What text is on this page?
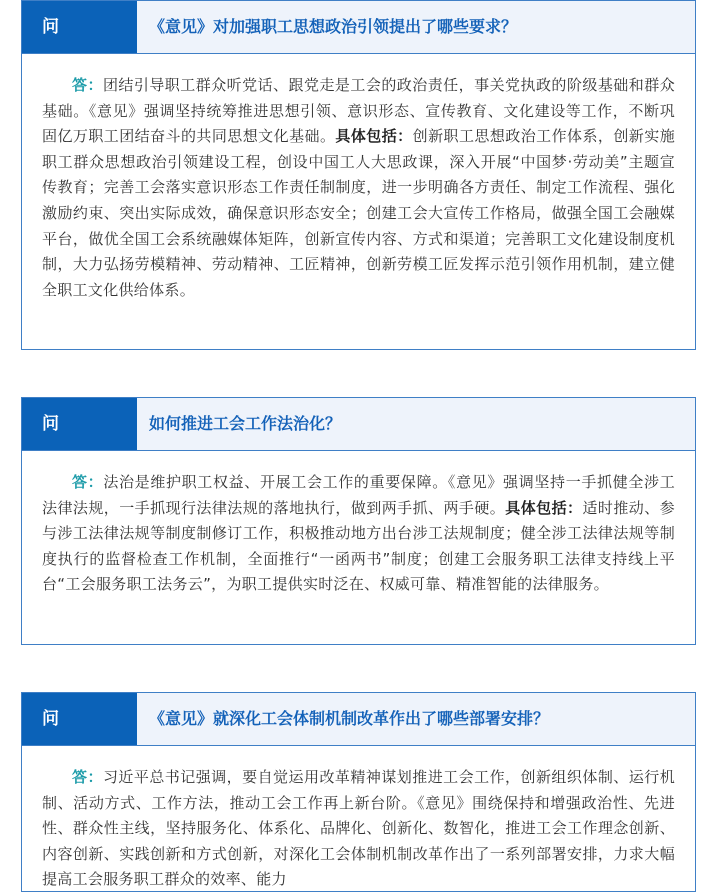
问	《意见》对加强职工思想政治引领提出了哪些要求？
答：团结引导职工群众听党话、跟党走是工会的政治责任，事关党执政的阶级基础和群众基础。《意见》强调坚持统筹推进思想引领、意识形态、宣传教育、文化建设等工作，不断巩固亿万职工团结奋斗的共同思想文化基础。具体包括：创新职工思想政治工作体系，创新实施职工群众思想政治引领建设工程，创设中国工人大思政课，深入开展“中国梦·劳动美”主题宣传教育；完善工会落实意识形态工作责任制制度，进一步明确各方责任、制定工作流程、强化激励约束、突出实际成效，确保意识形态安全；创建工会大宣传工作格局，做强全国工会融媒平台，做优全国工会系统融媒体矩阵，创新宣传内容、方式和渠道；完善职工文化建设制度机制，大力弘扬劳模精神、劳动精神、工匠精神，创新劳模工匠发挥示范引领作用机制，建立健全职工文化供给体系。
问	如何推进工会工作法治化？
答：法治是维护职工权益、开展工会工作的重要保障。《意见》强调坚持一手抓健全涉工法律法规，一手抓现行法律法规的落地执行，做到两手抓、两手硬。具体包括：适时推动、参与涉工法律法规等制度制修订工作，积极推动地方出台涉工法规制度；健全涉工法律法规等制度执行的监督检查工作机制，全面推行“一函两书”制度；创建工会服务职工法律支持线上平台“工会服务职工法务云”，为职工提供实时泛在、权威可靠、精准智能的法律服务。
问	《意见》就深化工会体制机制改革作出了哪些部署安排？
答：习近平总书记强调，要自觉运用改革精神谋划推进工会工作，创新组织体制、运行机制、活动方式、工作方法，推动工会工作再上新台阶。《意见》围绕保持和增强政治性、先进性、群众性主线，坚持服务化、体系化、品牌化、创新化、数智化，推进工会工作理念创新、内容创新、实践创新和方式创新，对深化工会体制机制改革作出了一系列部署安排，力求大幅提高工会服务职工群众的效率、能力
